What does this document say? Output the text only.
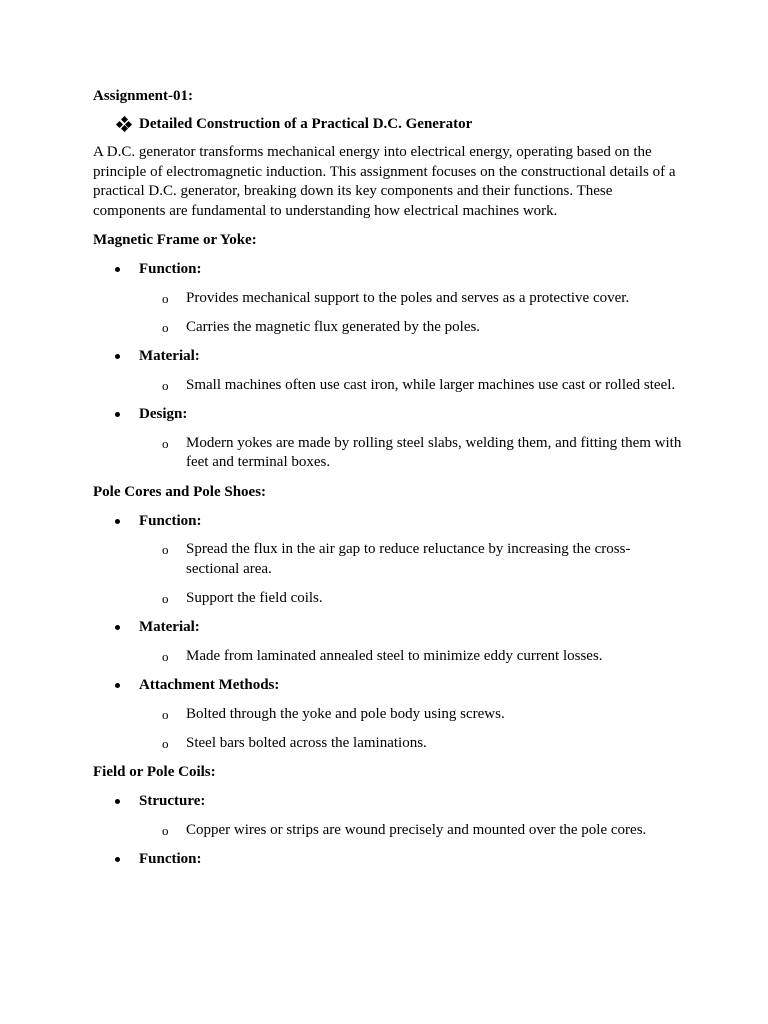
Assignment-01:
Detailed Construction of a Practical D.C. Generator
A D.C. generator transforms mechanical energy into electrical energy, operating based on the principle of electromagnetic induction. This assignment focuses on the constructional details of a practical D.C. generator, breaking down its key components and their functions. These components are fundamental to understanding how electrical machines work.
Magnetic Frame or Yoke:
Function:
o Provides mechanical support to the poles and serves as a protective cover.
o Carries the magnetic flux generated by the poles.
Material:
o Small machines often use cast iron, while larger machines use cast or rolled steel.
Design:
o Modern yokes are made by rolling steel slabs, welding them, and fitting them with feet and terminal boxes.
Pole Cores and Pole Shoes:
Function:
o Spread the flux in the air gap to reduce reluctance by increasing the cross-sectional area.
o Support the field coils.
Material:
o Made from laminated annealed steel to minimize eddy current losses.
Attachment Methods:
o Bolted through the yoke and pole body using screws.
o Steel bars bolted across the laminations.
Field or Pole Coils:
Structure:
o Copper wires or strips are wound precisely and mounted over the pole cores.
Function:
